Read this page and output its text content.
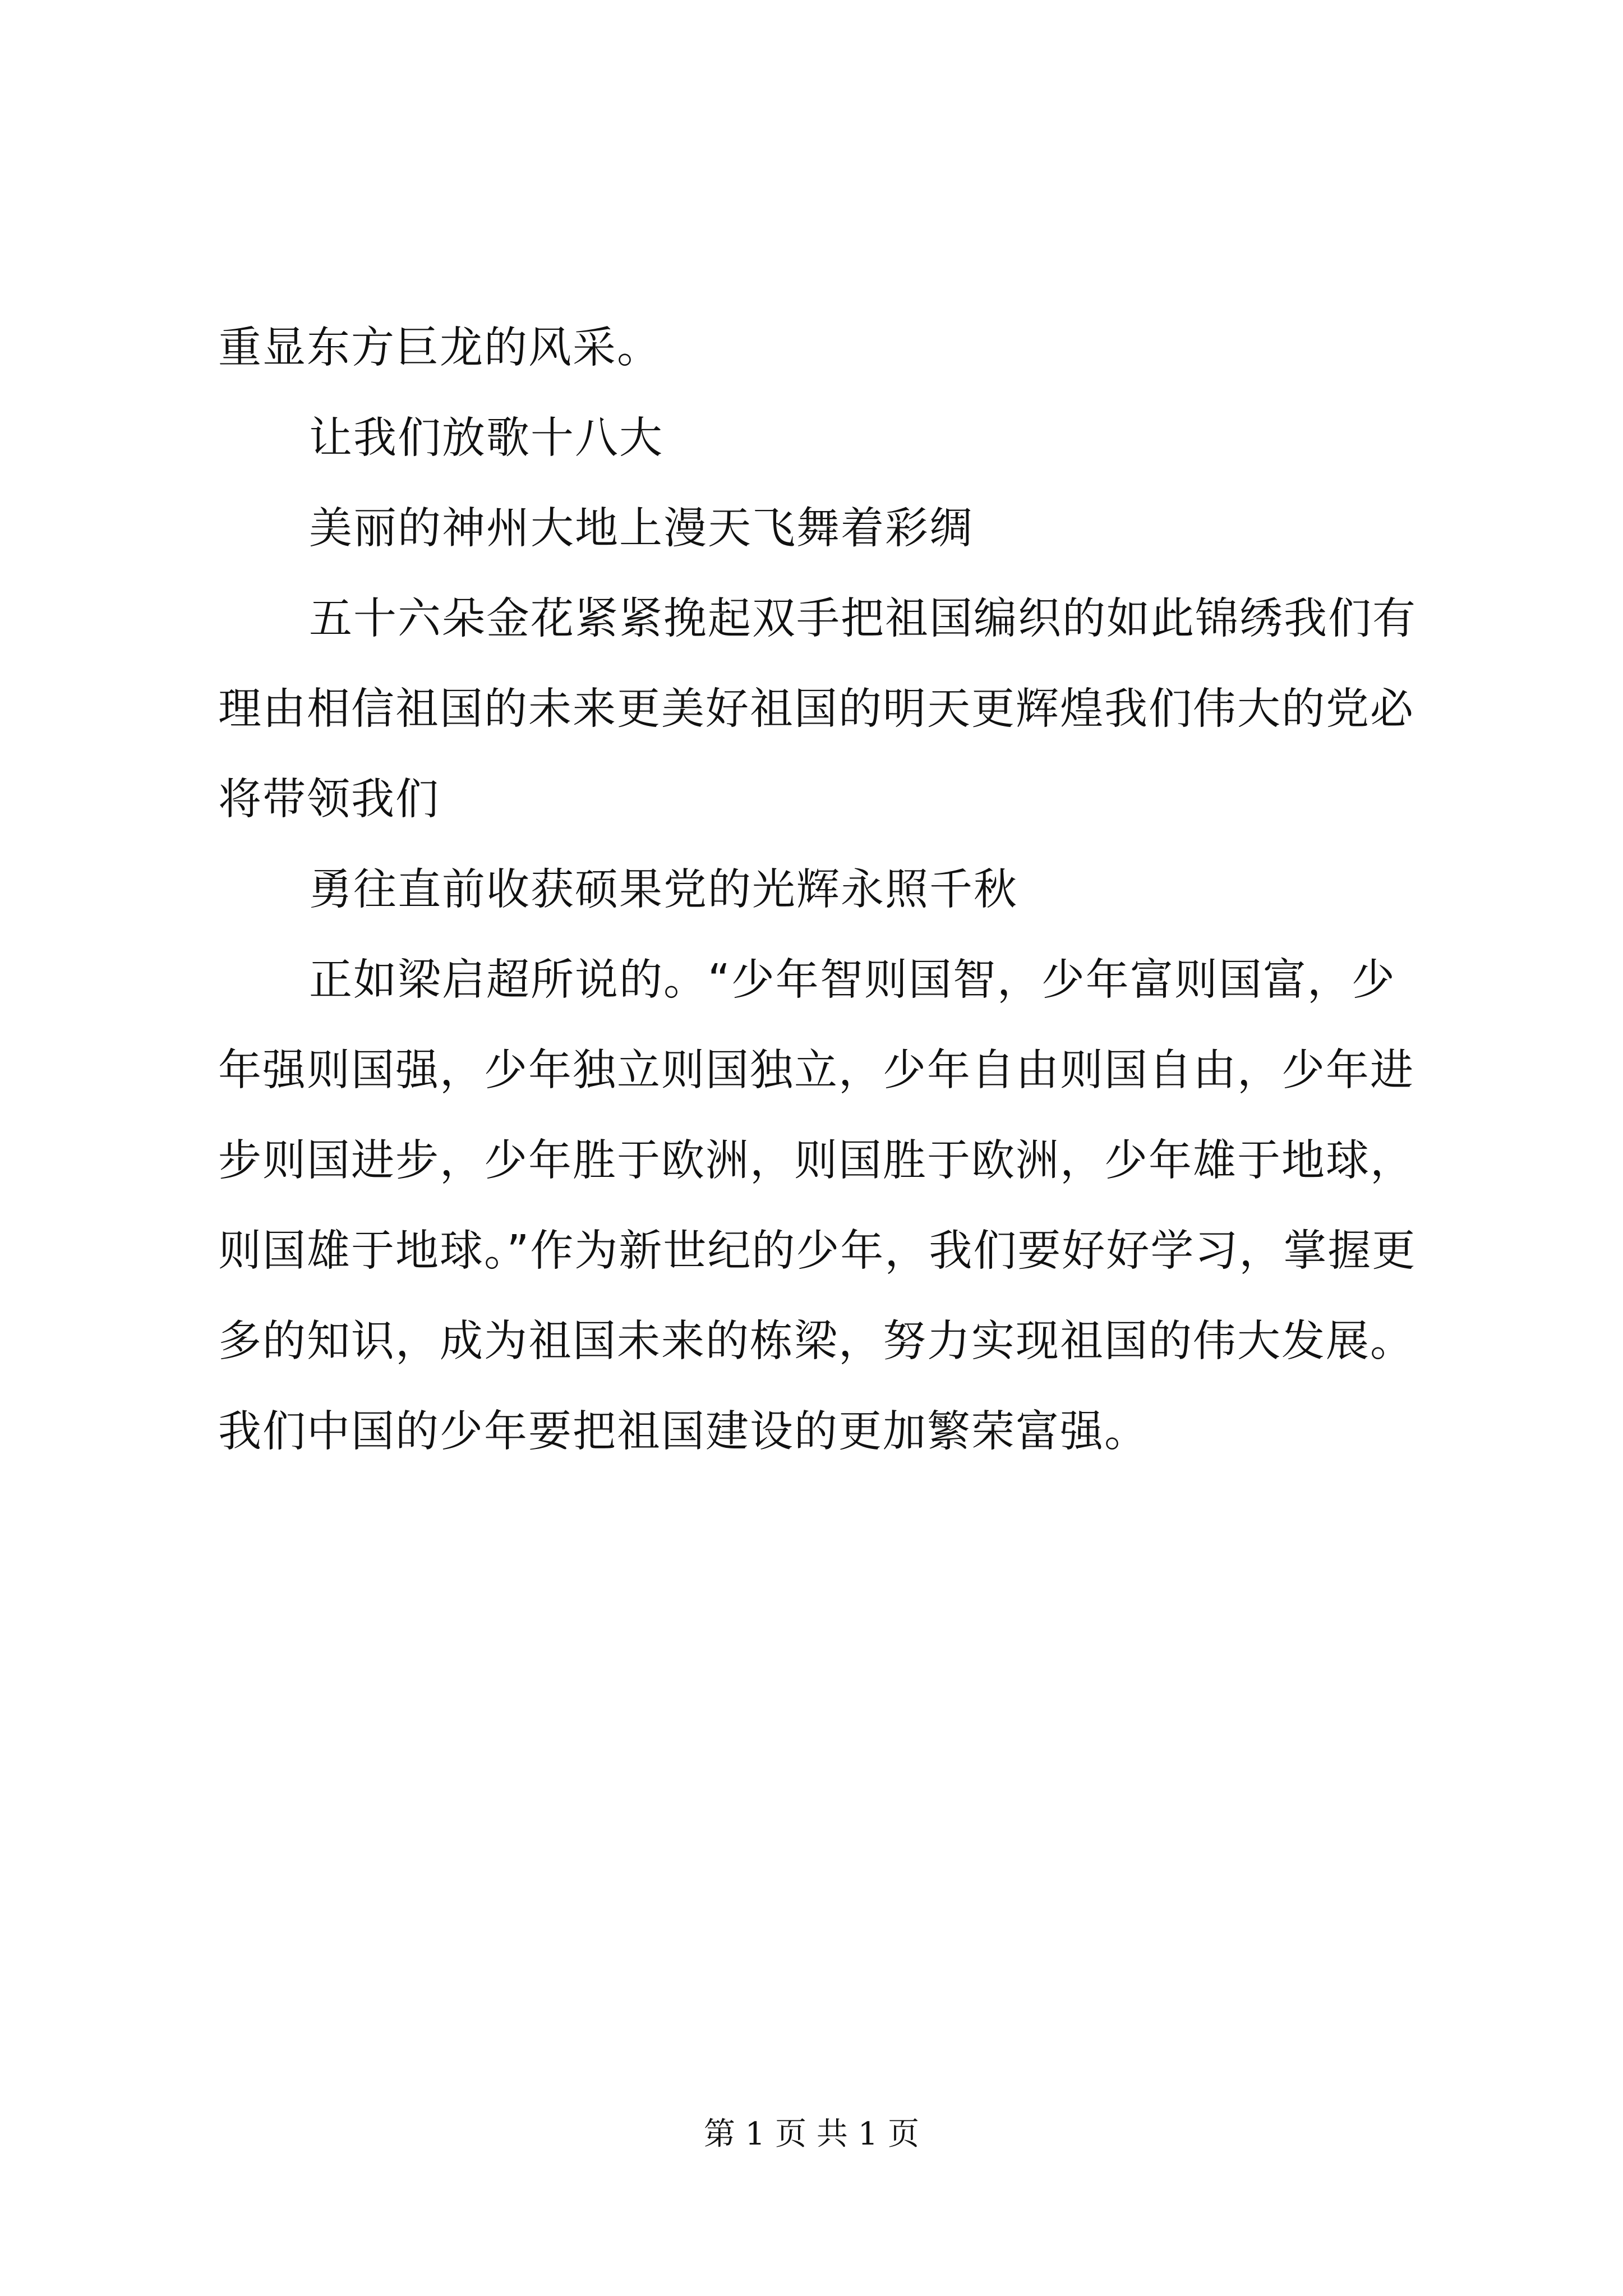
重显东方巨龙的风采。

让我们放歌十八大

美丽的神州大地上漫天飞舞着彩绸

五十六朵金花紧紧挽起双手把祖国编织的如此锦绣我们有理由相信祖国的未来更美好祖国的明天更辉煌我们伟大的党必将带领我们

勇往直前收获硕果党的光辉永照千秋

正如梁启超所说的。“少年智则国智，少年富则国富，少年强则国强，少年独立则国独立，少年自由则国自由，少年进步则国进步，少年胜于欧洲，则国胜于欧洲，少年雄于地球，则国雄于地球。”作为新世纪的少年，我们要好好学习，掌握更多的知识，成为祖国未来的栋梁，努力实现祖国的伟大发展。我们中国的少年要把祖国建设的更加繁荣富强。

第 1 页 共 1 页
